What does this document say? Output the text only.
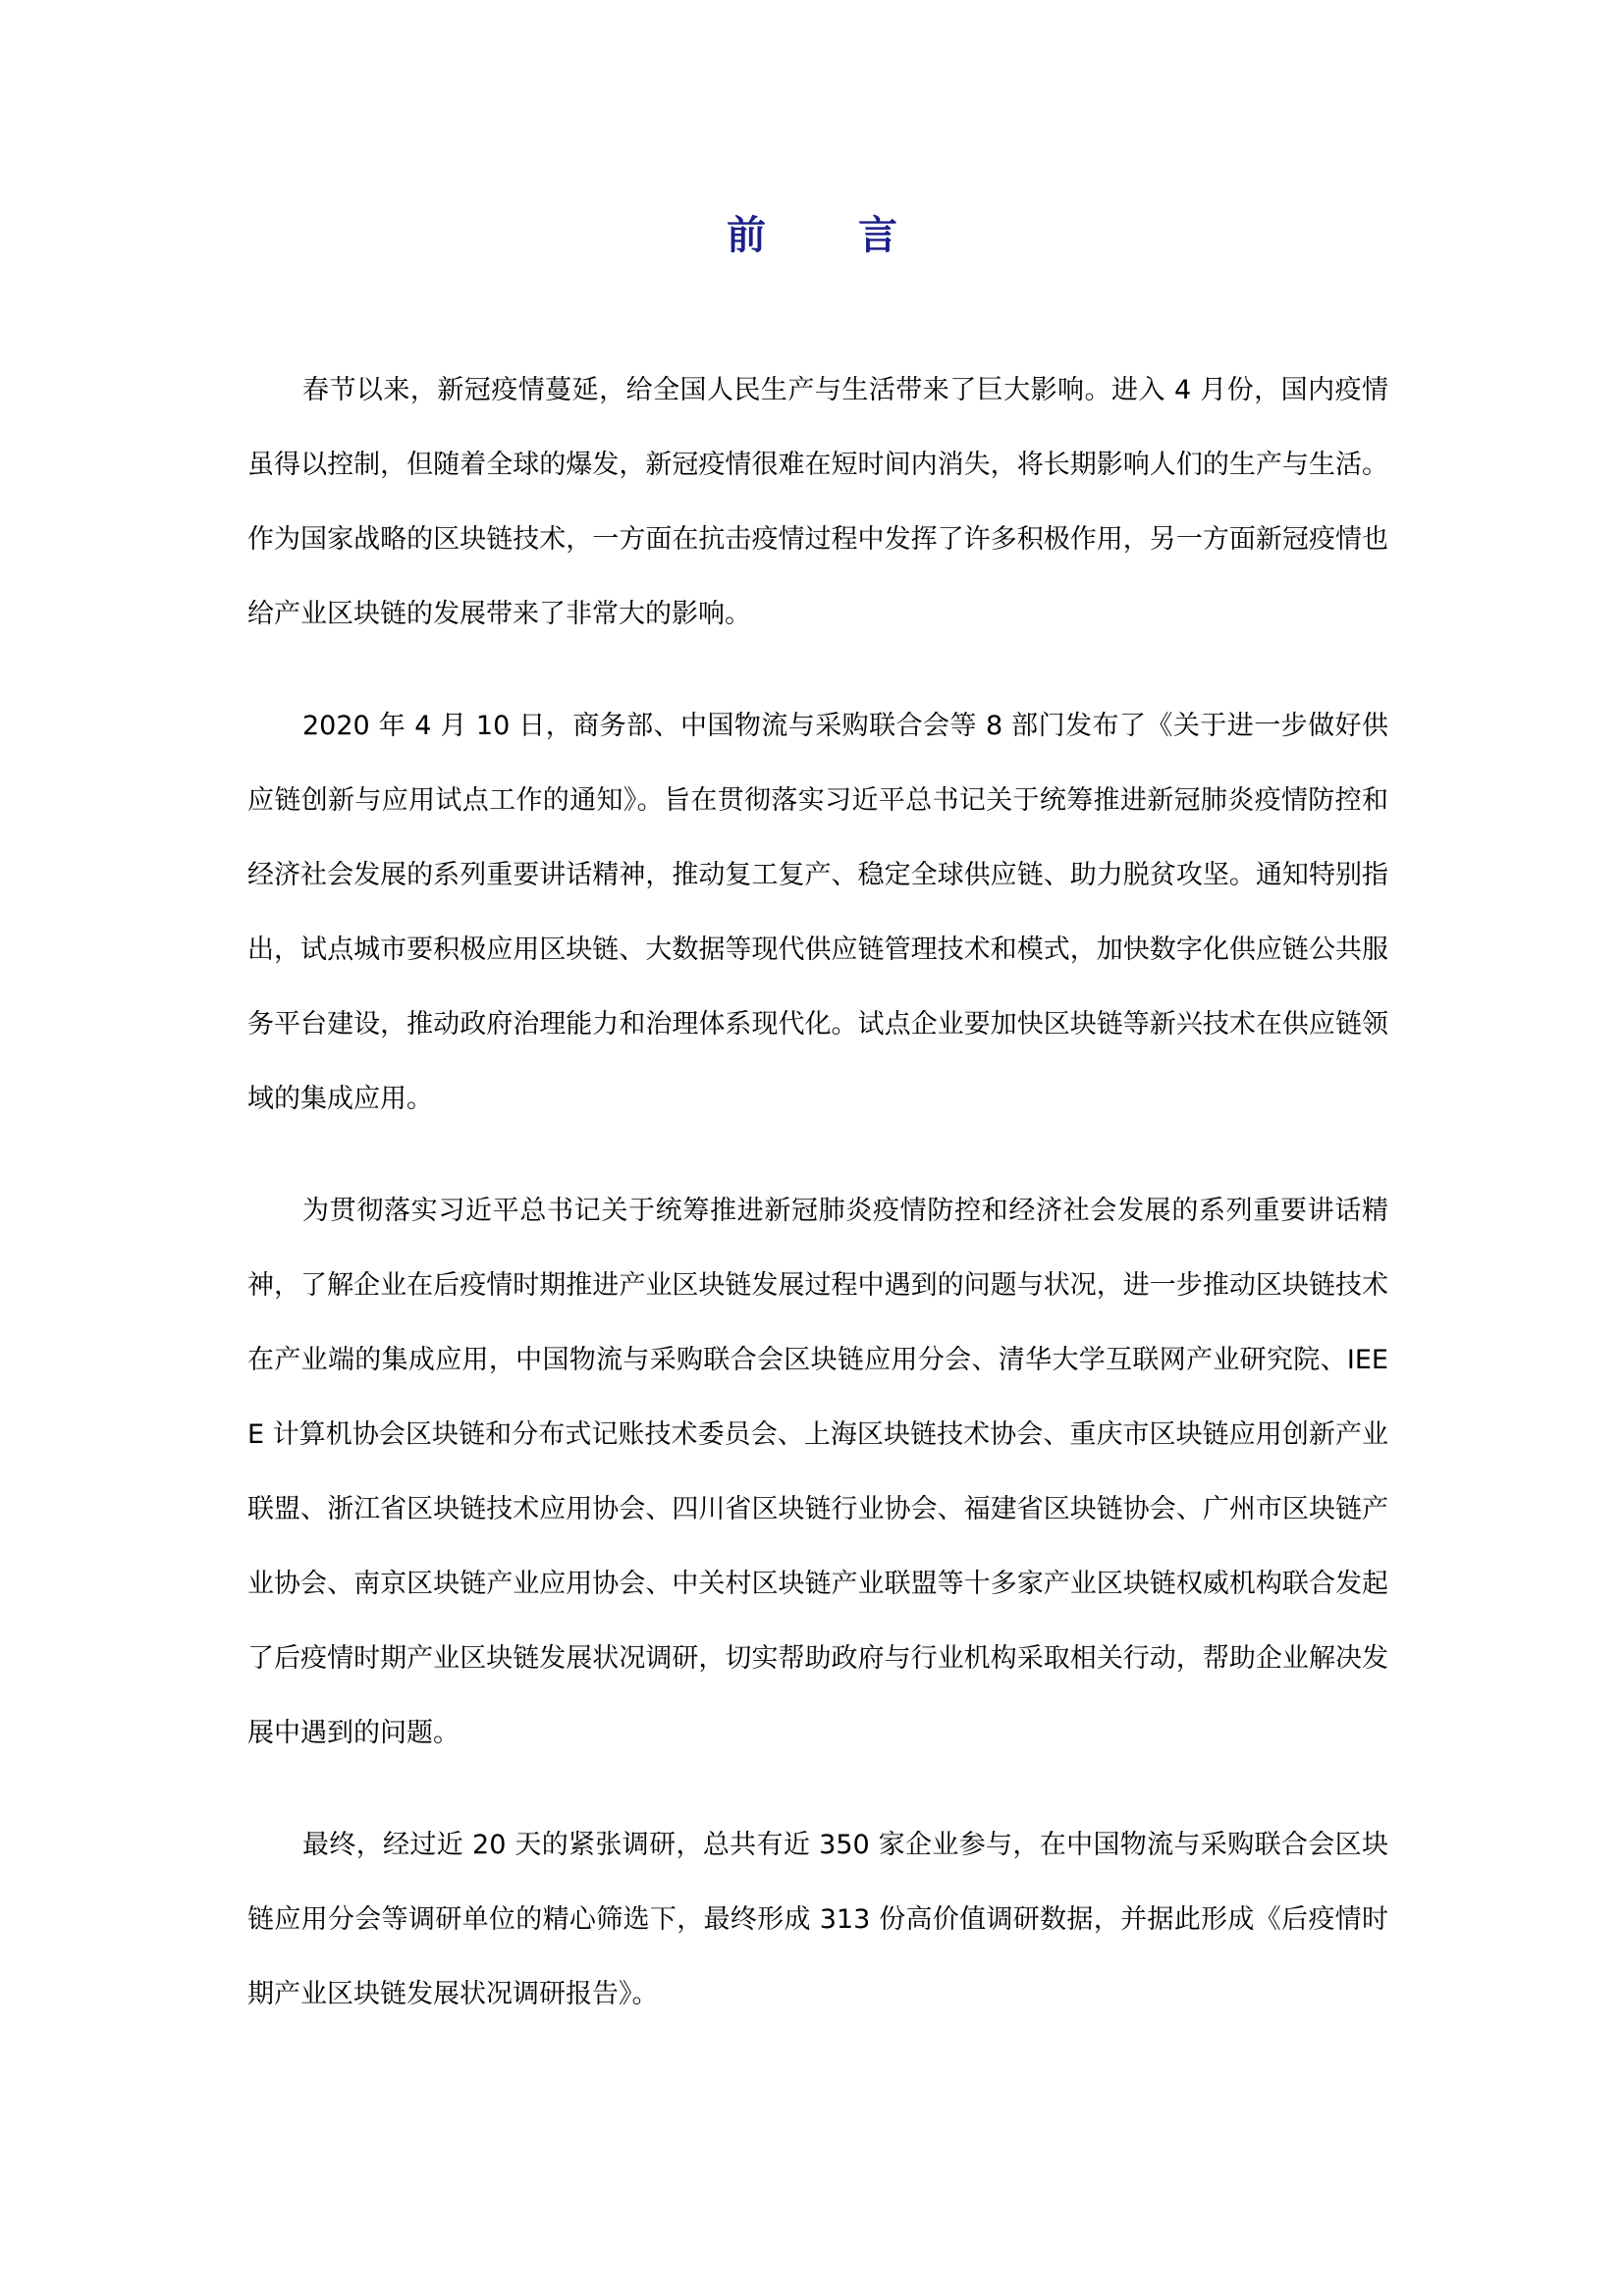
前 言

春节以来，新冠疫情蔓延，给全国人民生产与生活带来了巨大影响。进入 4 月份，国内疫情虽得以控制，但随着全球的爆发，新冠疫情很难在短时间内消失，将长期影响人们的生产与生活。作为国家战略的区块链技术，一方面在抗击疫情过程中发挥了许多积极作用，另一方面新冠疫情也给产业区块链的发展带来了非常大的影响。

2020 年 4 月 10 日，商务部、中国物流与采购联合会等 8 部门发布了《关于进一步做好供应链创新与应用试点工作的通知》。旨在贯彻落实习近平总书记关于统筹推进新冠肺炎疫情防控和经济社会发展的系列重要讲话精神，推动复工复产、稳定全球供应链、助力脱贫攻坚。通知特别指出，试点城市要积极应用区块链、大数据等现代供应链管理技术和模式，加快数字化供应链公共服务平台建设，推动政府治理能力和治理体系现代化。试点企业要加快区块链等新兴技术在供应链领域的集成应用。

为贯彻落实习近平总书记关于统筹推进新冠肺炎疫情防控和经济社会发展的系列重要讲话精神，了解企业在后疫情时期推进产业区块链发展过程中遇到的问题与状况，进一步推动区块链技术在产业端的集成应用，中国物流与采购联合会区块链应用分会、清华大学互联网产业研究院、IEEE 计算机协会区块链和分布式记账技术委员会、上海区块链技术协会、重庆市区块链应用创新产业联盟、浙江省区块链技术应用协会、四川省区块链行业协会、福建省区块链协会、广州市区块链产业协会、南京区块链产业应用协会、中关村区块链产业联盟等十多家产业区块链权威机构联合发起了后疫情时期产业区块链发展状况调研，切实帮助政府与行业机构采取相关行动，帮助企业解决发展中遇到的问题。

最终，经过近 20 天的紧张调研，总共有近 350 家企业参与，在中国物流与采购联合会区块链应用分会等调研单位的精心筛选下，最终形成 313 份高价值调研数据，并据此形成《后疫情时期产业区块链发展状况调研报告》。
